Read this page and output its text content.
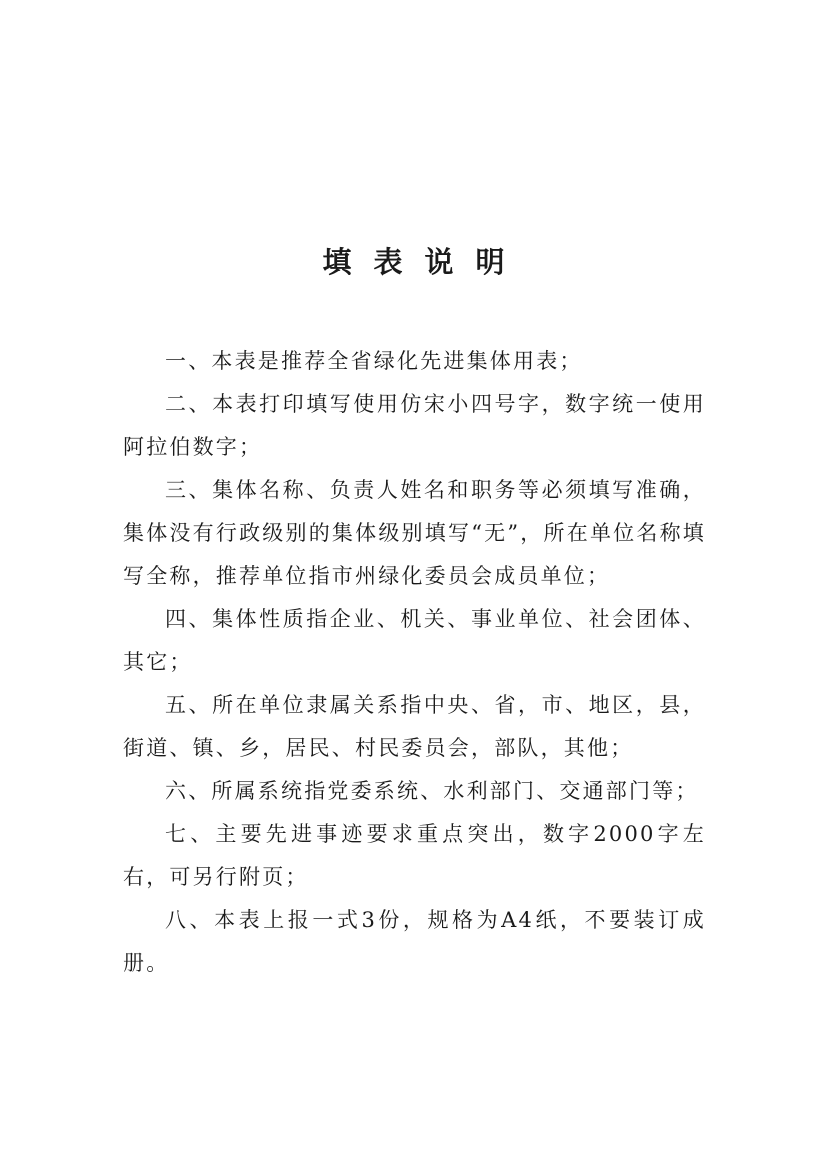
填表说明

一、本表是推荐全省绿化先进集体用表；

二、本表打印填写使用仿宋小四号字，数字统一使用阿拉伯数字；

三、集体名称、负责人姓名和职务等必须填写准确，集体没有行政级别的集体级别填写“无”，所在单位名称填写全称，推荐单位指市州绿化委员会成员单位；

四、集体性质指企业、机关、事业单位、社会团体、其它；

五、所在单位隶属关系指中央、省，市、地区，县，街道、镇、乡，居民、村民委员会，部队，其他；

六、所属系统指党委系统、水利部门、交通部门等；

七、主要先进事迹要求重点突出，数字2000字左右，可另行附页；

八、本表上报一式3份，规格为A4纸，不要装订成册。
